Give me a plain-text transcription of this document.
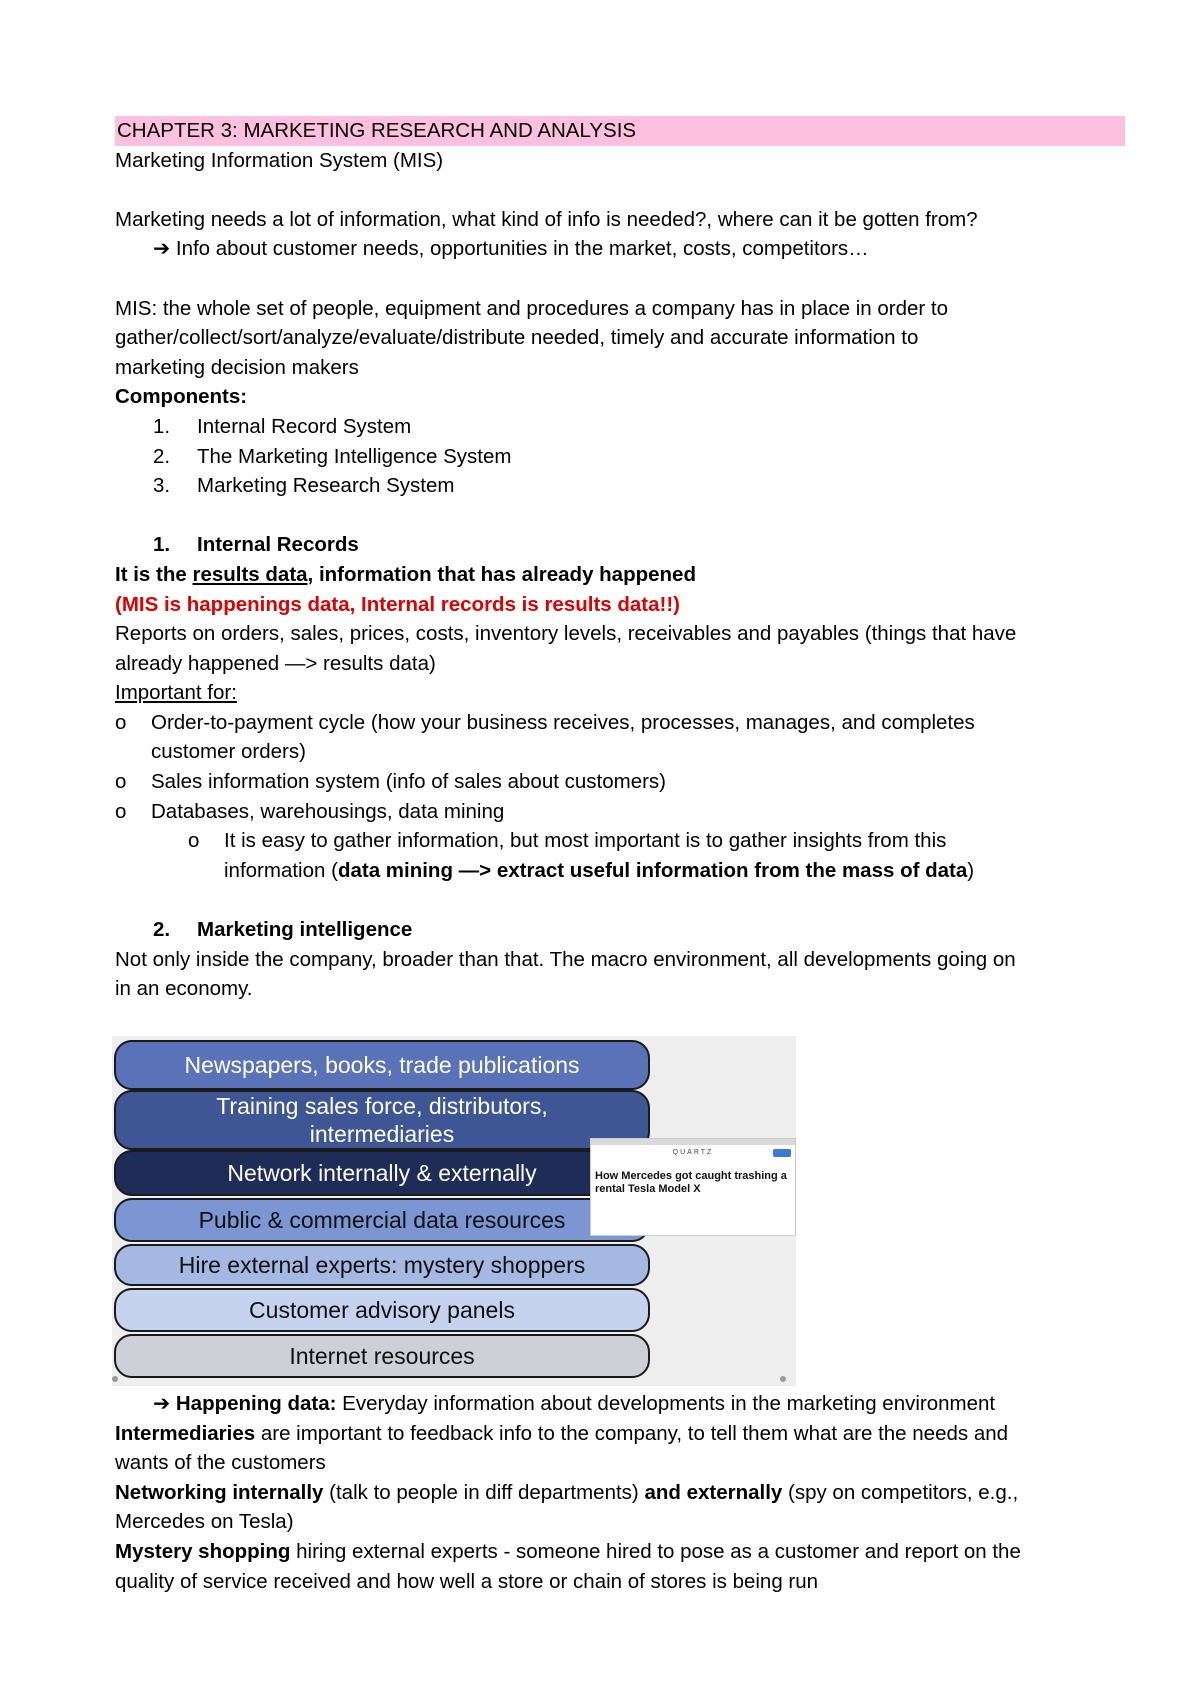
CHAPTER 3: MARKETING RESEARCH AND ANALYSIS

Marketing Information System (MIS)

Marketing needs a lot of information, what kind of info is needed?, where can it be gotten from?

➔ Info about customer needs, opportunities in the market, costs, competitors…

MIS: the whole set of people, equipment and procedures a company has in place in order to

gather/collect/sort/analyze/evaluate/distribute needed, timely and accurate information to

marketing decision makers

Components:

1. Internal Record System

2. The Marketing Intelligence System

3. Marketing Research System

1. Internal Records

It is the results data, information that has already happened

(MIS is happenings data, Internal records is results data!!)

Reports on orders, sales, prices, costs, inventory levels, receivables and payables (things that have

already happened —> results data)

Important for:

o Order-to-payment cycle (how your business receives, processes, manages, and completes

customer orders)

o Sales information system (info of sales about customers)

o Databases, warehousings, data mining

o It is easy to gather information, but most important is to gather insights from this

information (data mining —> extract useful information from the mass of data)

2. Marketing intelligence

Not only inside the company, broader than that. The macro environment, all developments going on

in an economy.

Newspapers, books, trade publications
Training sales force, distributors, intermediaries
Network internally & externally
Public & commercial data resources
Hire external experts: mystery shoppers
Customer advisory panels
Internet resources
QUARTZ
How Mercedes got caught trashing a rental Tesla Model X

➔ Happening data: Everyday information about developments in the marketing environment

Intermediaries are important to feedback info to the company, to tell them what are the needs and

wants of the customers

Networking internally (talk to people in diff departments) and externally (spy on competitors, e.g.,

Mercedes on Tesla)

Mystery shopping hiring external experts - someone hired to pose as a customer and report on the

quality of service received and how well a store or chain of stores is being run
